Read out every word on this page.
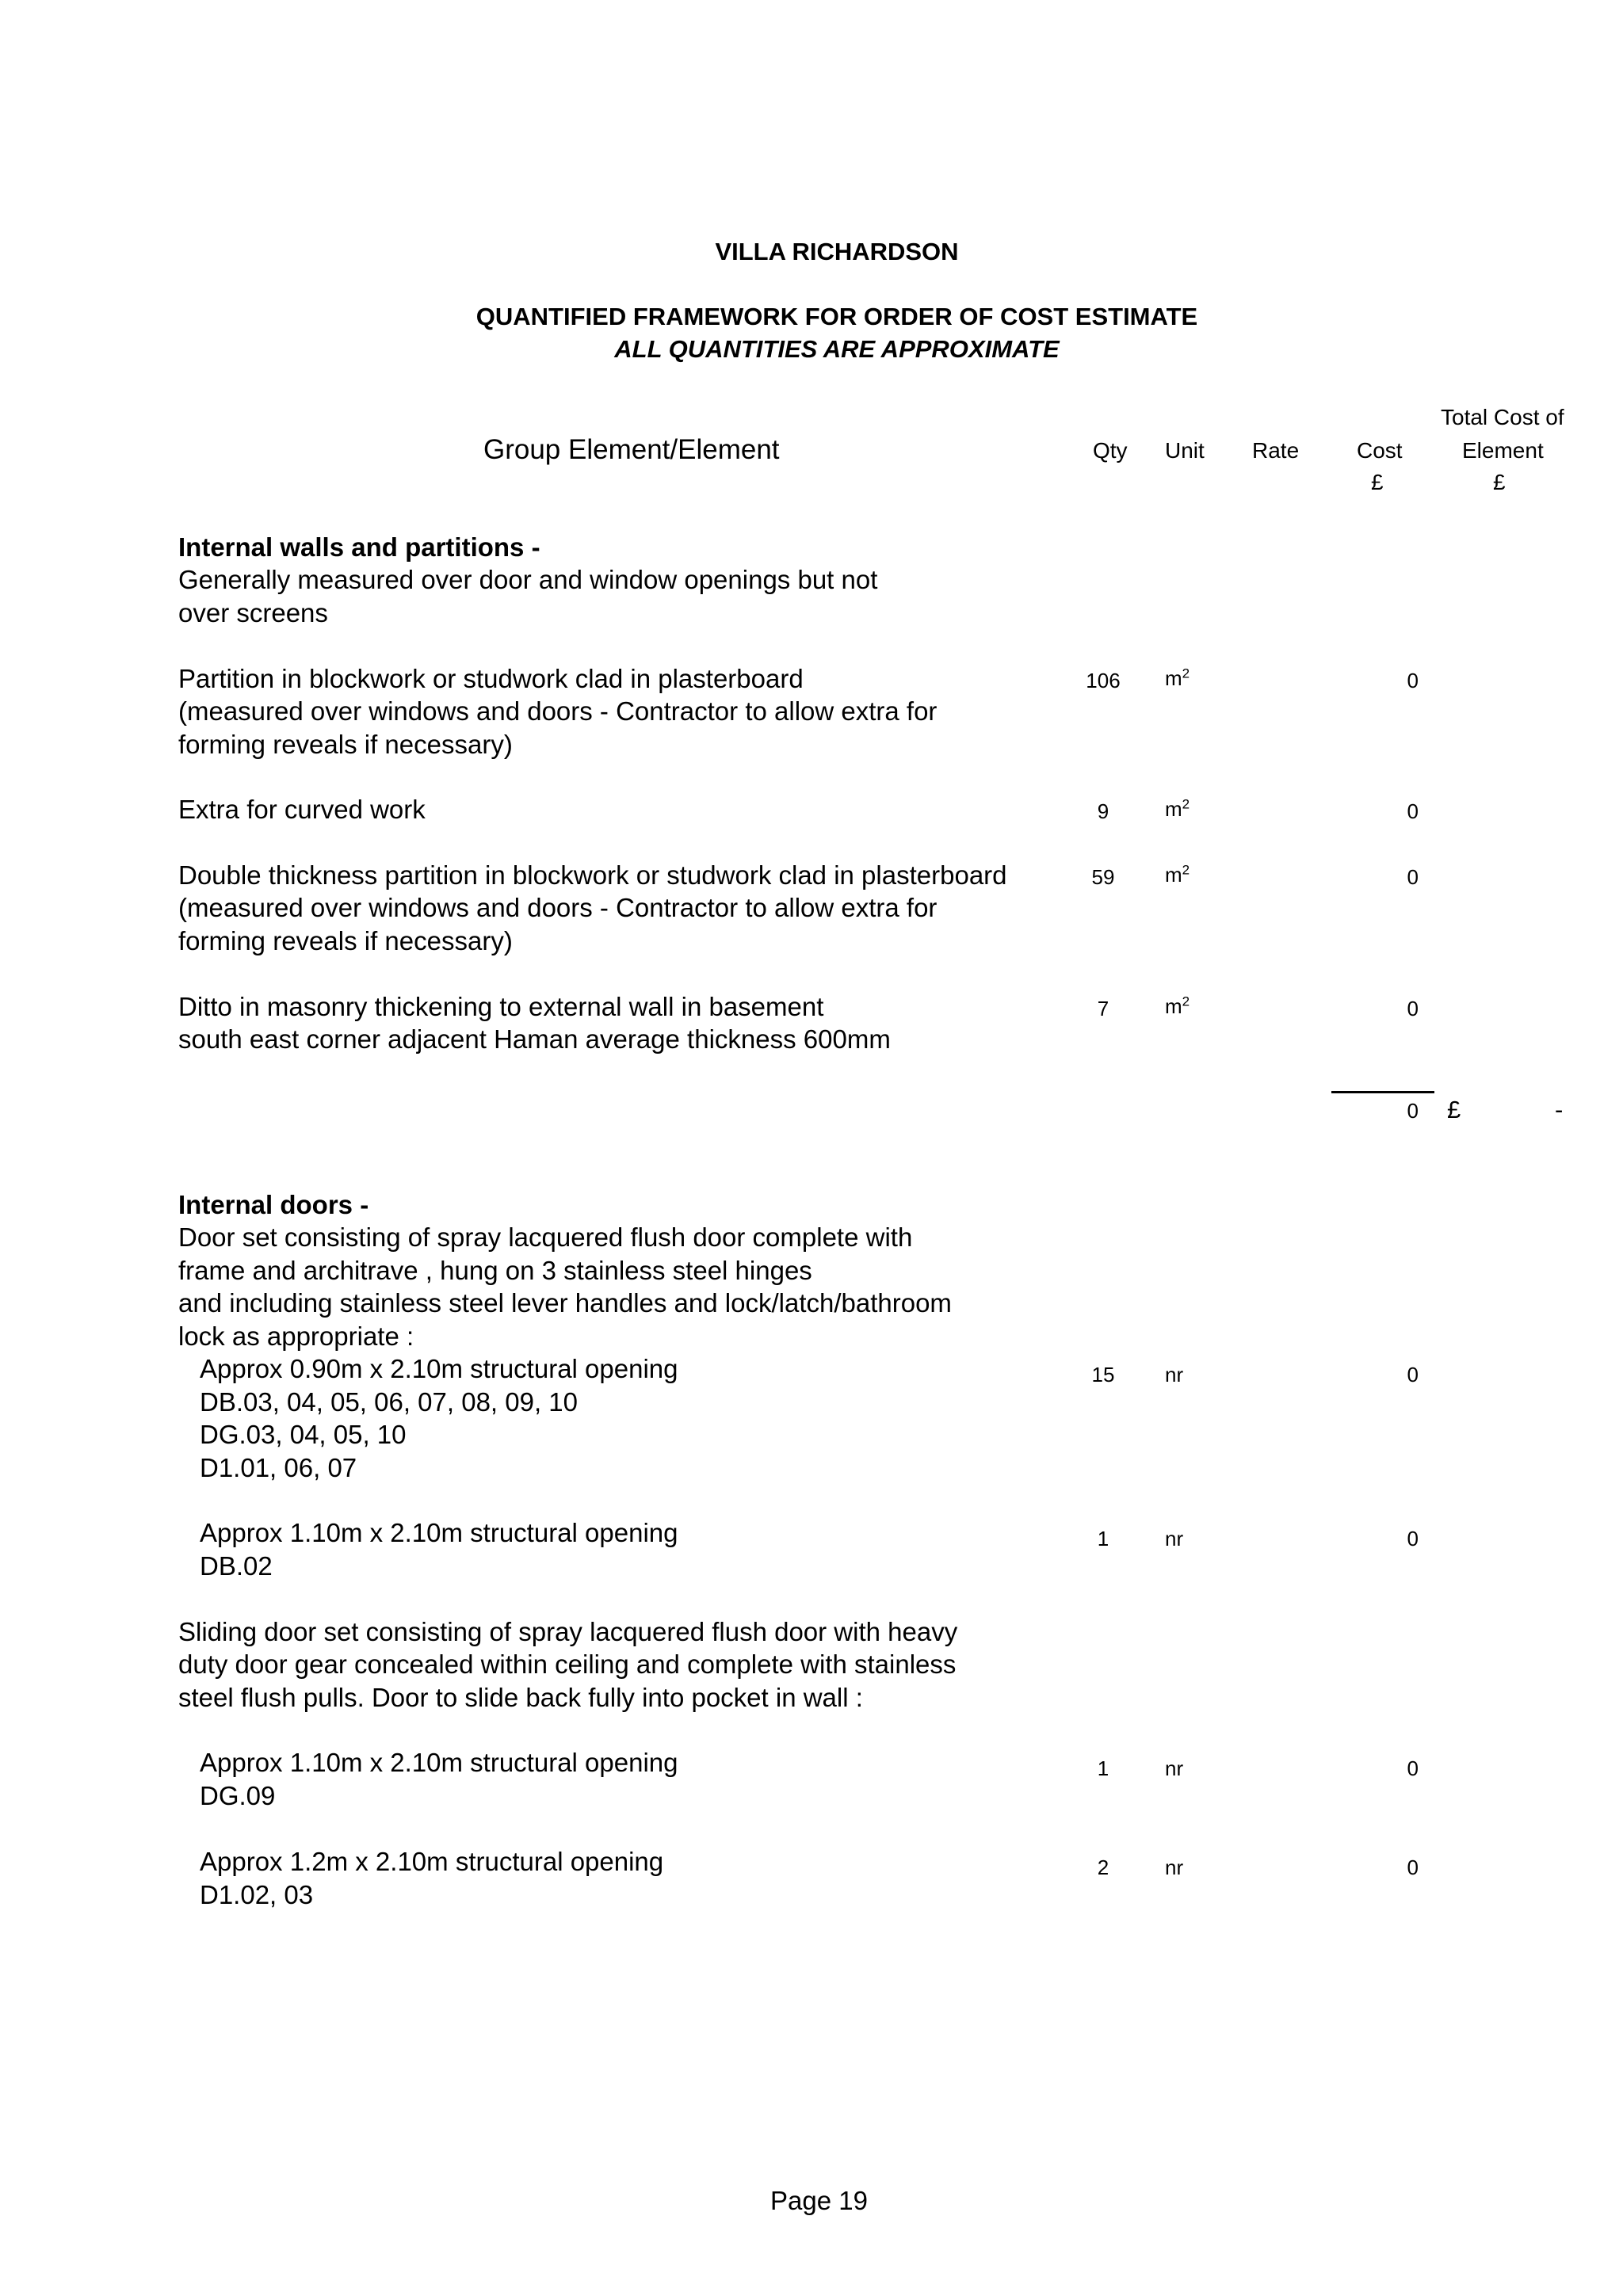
VILLA RICHARDSON
QUANTIFIED FRAMEWORK FOR ORDER OF COST ESTIMATE
ALL QUANTITIES ARE APPROXIMATE
Group Element/Element	Qty Unit Rate	Cost
£
Total Cost of
Element
£
Internal walls and partitions -
Generally measured over door and window openings but not
over screens
Partition in blockwork or studwork clad in plasterboard
(measured over windows and doors - Contractor to allow extra for
forming reveals if necessary)
106	$m^2$	0
Extra for curved work	9	$m^2$	0
Double thickness partition in blockwork or studwork clad in plasterboard
(measured over windows and doors - Contractor to allow extra for
forming reveals if necessary)
59	$m^2$	0
Ditto in masonry thickening to external wall in basement
south east corner adjacent Haman average thickness 600mm
7	$m^2$	0
0 £	-
Internal doors -
Door set consisting of spray lacquered flush door complete with
frame and architrave , hung on 3 stainless steel hinges
and including stainless steel lever handles and lock/latch/bathroom
lock as appropriate :
Approx 0.90m x 2.10m structural opening
DB.03, 04, 05, 06, 07, 08, 09, 10
DG.03, 04, 05, 10
D1.01, 06, 07
15	nr	0
Approx 1.10m x 2.10m structural opening
DB.02
1	nr	0
Sliding door set consisting of spray lacquered flush door with heavy
duty door gear concealed within ceiling and complete with stainless
steel flush pulls. Door to slide back fully into pocket in wall :
Approx 1.10m x 2.10m structural opening
DG.09
1	nr	0
Approx 1.2m x 2.10m structural opening
D1.02, 03
2	nr	0
Page 19
